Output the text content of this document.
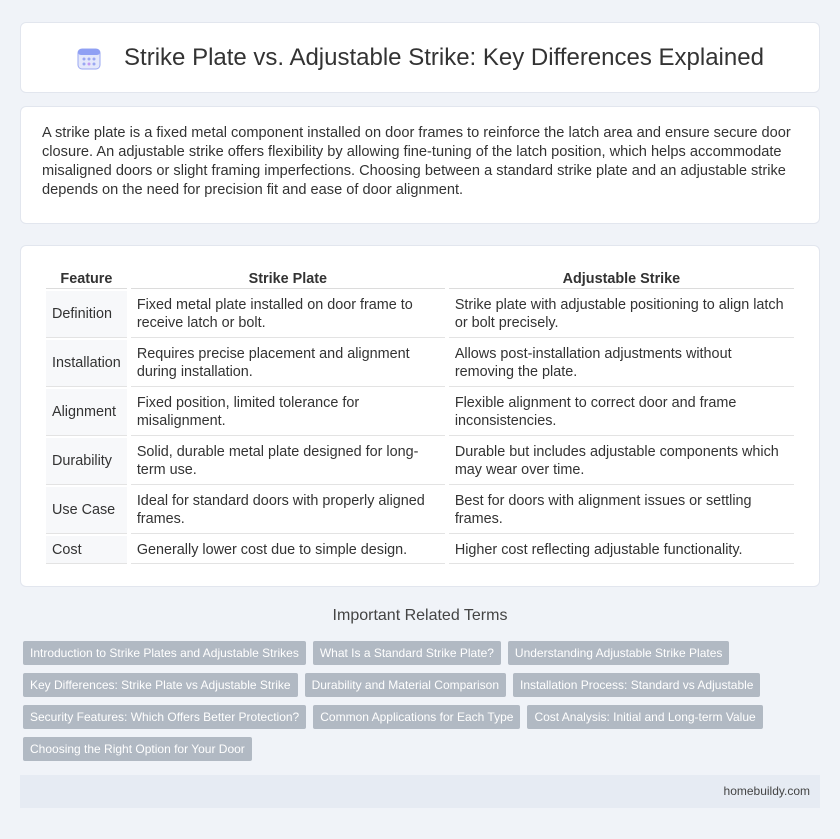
Strike Plate vs. Adjustable Strike: Key Differences Explained

A strike plate is a fixed metal component installed on door frames to reinforce the latch area and ensure secure door closure. An adjustable strike offers flexibility by allowing fine-tuning of the latch position, which helps accommodate misaligned doors or slight framing imperfections. Choosing between a standard strike plate and an adjustable strike depends on the need for precision fit and ease of door alignment.

Feature	Strike Plate	Adjustable Strike
Definition	Fixed metal plate installed on door frame to receive latch or bolt.	Strike plate with adjustable positioning to align latch or bolt precisely.
Installation	Requires precise placement and alignment during installation.	Allows post-installation adjustments without removing the plate.
Alignment	Fixed position, limited tolerance for misalignment.	Flexible alignment to correct door and frame inconsistencies.
Durability	Solid, durable metal plate designed for long-term use.	Durable but includes adjustable components which may wear over time.
Use Case	Ideal for standard doors with properly aligned frames.	Best for doors with alignment issues or settling frames.
Cost	Generally lower cost due to simple design.	Higher cost reflecting adjustable functionality.
Important Related Terms
Introduction to Strike Plates and Adjustable Strikes	What Is a Standard Strike Plate?	Understanding Adjustable Strike Plates
Key Differences: Strike Plate vs Adjustable Strike	Durability and Material Comparison	Installation Process: Standard vs Adjustable
Security Features: Which Offers Better Protection?	Common Applications for Each Type	Cost Analysis: Initial and Long-term Value
Choosing the Right Option for Your Door
homebuildy.com
